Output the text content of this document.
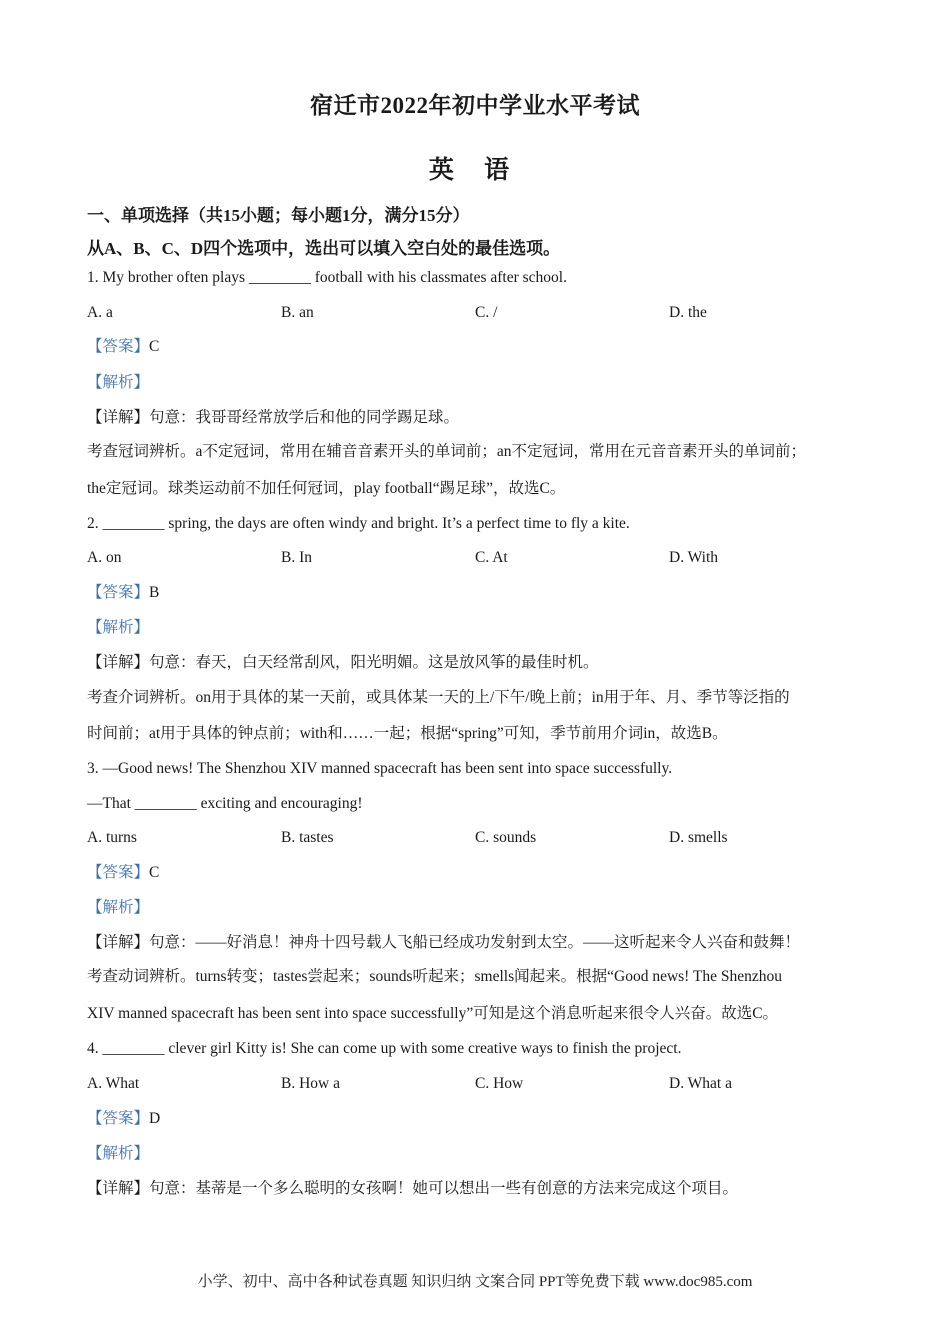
宿迁市2022年初中学业水平考试
英 语
一、单项选择（共15小题；每小题1分，满分15分）
从A、B、C、D四个选项中，选出可以填入空白处的最佳选项。
1. My brother often plays ________ football with his classmates after school.
A. a	B. an	C. /	D. the
【答案】C
【解析】
【详解】句意：我哥哥经常放学后和他的同学踢足球。
考查冠词辨析。a不定冠词，常用在辅音音素开头的单词前；an不定冠词，常用在元音音素开头的单词前；
the定冠词。球类运动前不加任何冠词，play football“踢足球”，故选C。
2. ________ spring, the days are often windy and bright. It’s a perfect time to fly a kite.
A. on	B. In	C. At	D. With
【答案】B
【解析】
【详解】句意：春天，白天经常刮风，阳光明媚。这是放风筝的最佳时机。
考查介词辨析。on用于具体的某一天前，或具体某一天的上/下午/晚上前；in用于年、月、季节等泛指的
时间前；at用于具体的钟点前；with和……一起；根据“spring”可知，季节前用介词in，故选B。
3. —Good news! The Shenzhou XIV manned spacecraft has been sent into space successfully.
—That ________ exciting and encouraging!
A. turns	B. tastes	C. sounds	D. smells
【答案】C
【解析】
【详解】句意：——好消息！神舟十四号载人飞船已经成功发射到太空。——这听起来令人兴奋和鼓舞！
考查动词辨析。turns转变；tastes尝起来；sounds听起来；smells闻起来。根据“Good news! The Shenzhou
XIV manned spacecraft has been sent into space successfully”可知是这个消息听起来很令人兴奋。故选C。
4. ________ clever girl Kitty is! She can come up with some creative ways to finish the project.
A. What	B. How a	C. How	D. What a
【答案】D
【解析】
【详解】句意：基蒂是一个多么聪明的女孩啊！她可以想出一些有创意的方法来完成这个项目。
小学、初中、高中各种试卷真题 知识归纳 文案合同 PPT等免费下载 www.doc985.com
